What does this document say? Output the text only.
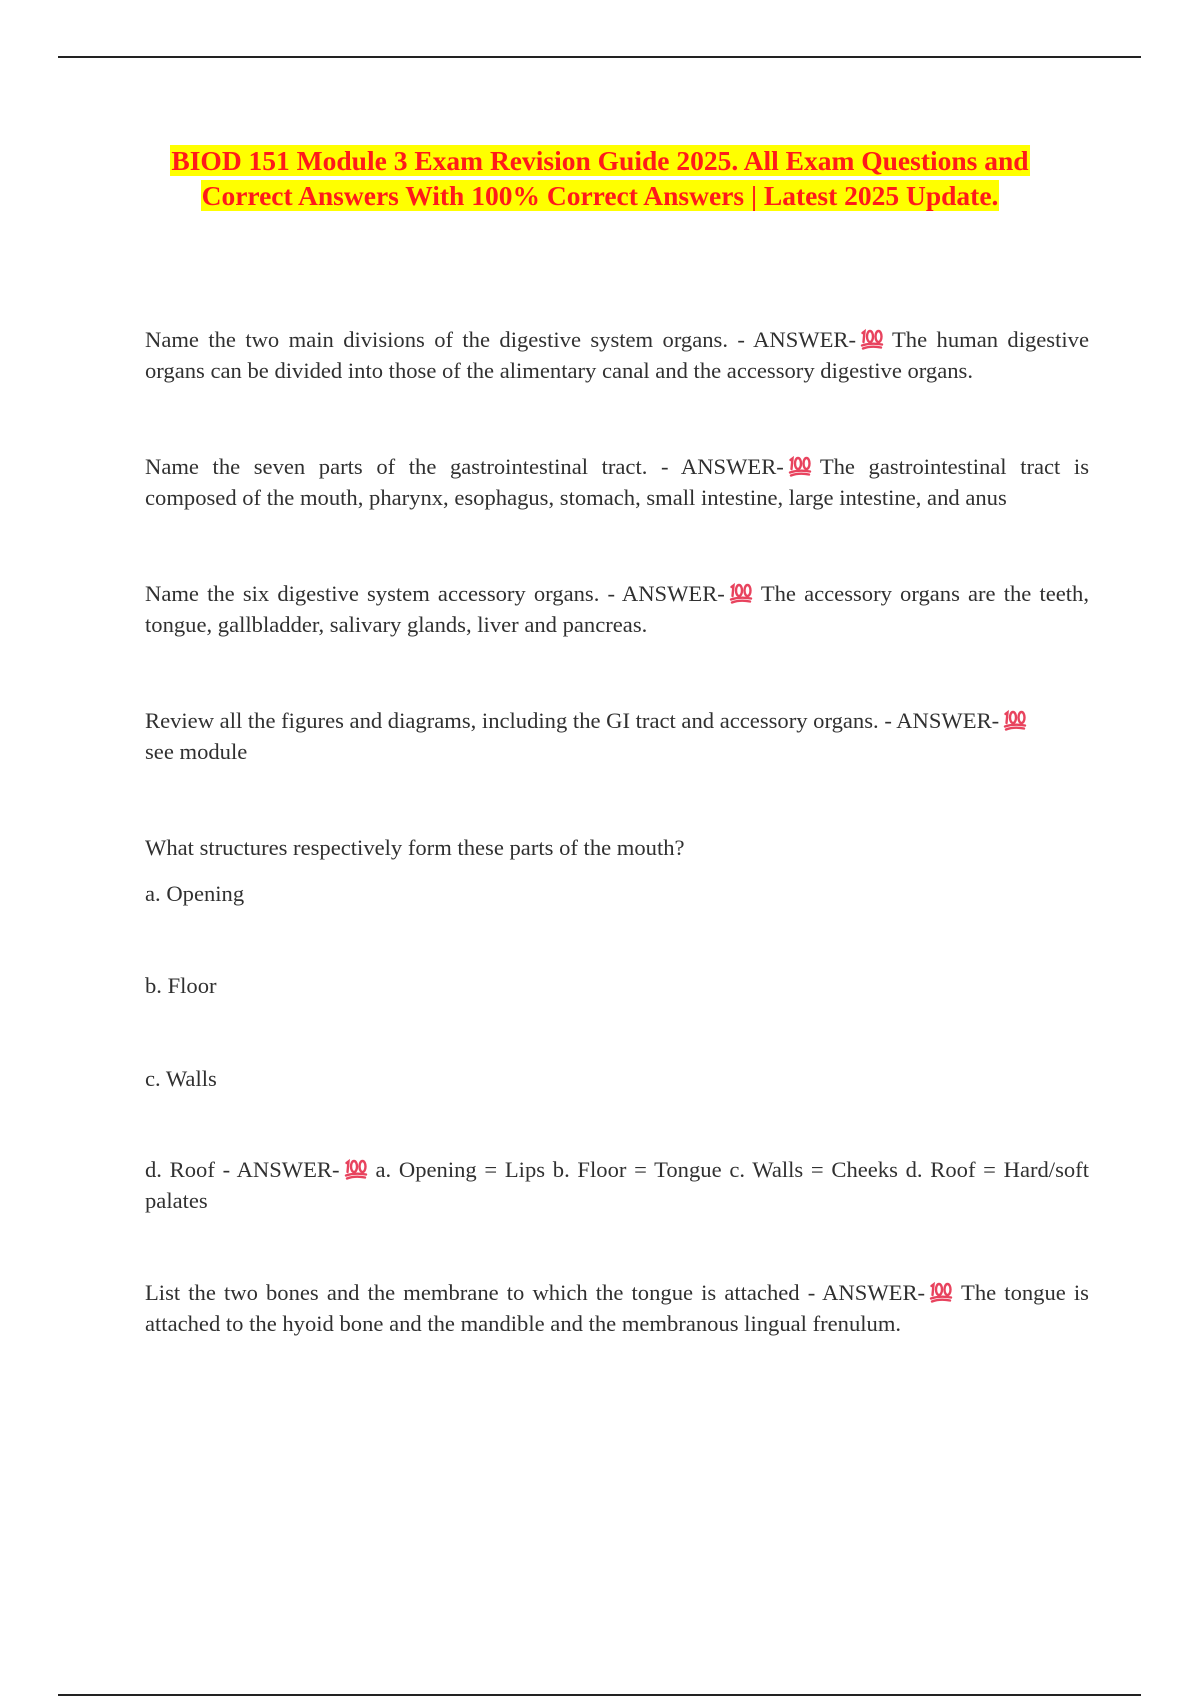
BIOD 151 Module 3 Exam Revision Guide 2025. All Exam Questions and
Correct Answers With 100% Correct Answers | Latest 2025 Update.

Name the two main divisions of the digestive system organs. - ANSWER- The human digestive organs can be divided into those of the alimentary canal and the accessory digestive organs.

Name the seven parts of the gastrointestinal tract. - ANSWER- The gastrointestinal tract is composed of the mouth, pharynx, esophagus, stomach, small intestine, large intestine, and anus

Name the six digestive system accessory organs. - ANSWER- The accessory organs are the teeth, tongue, gallbladder, salivary glands, liver and pancreas.

Review all the figures and diagrams, including the GI tract and accessory organs. - ANSWER-

see module

What structures respectively form these parts of the mouth?

a. Opening

b. Floor

c. Walls

d. Roof - ANSWER- a. Opening = Lips b. Floor = Tongue c. Walls = Cheeks d. Roof = Hard/soft palates

List the two bones and the membrane to which the tongue is attached - ANSWER- The tongue is attached to the hyoid bone and the mandible and the membranous lingual frenulum.
